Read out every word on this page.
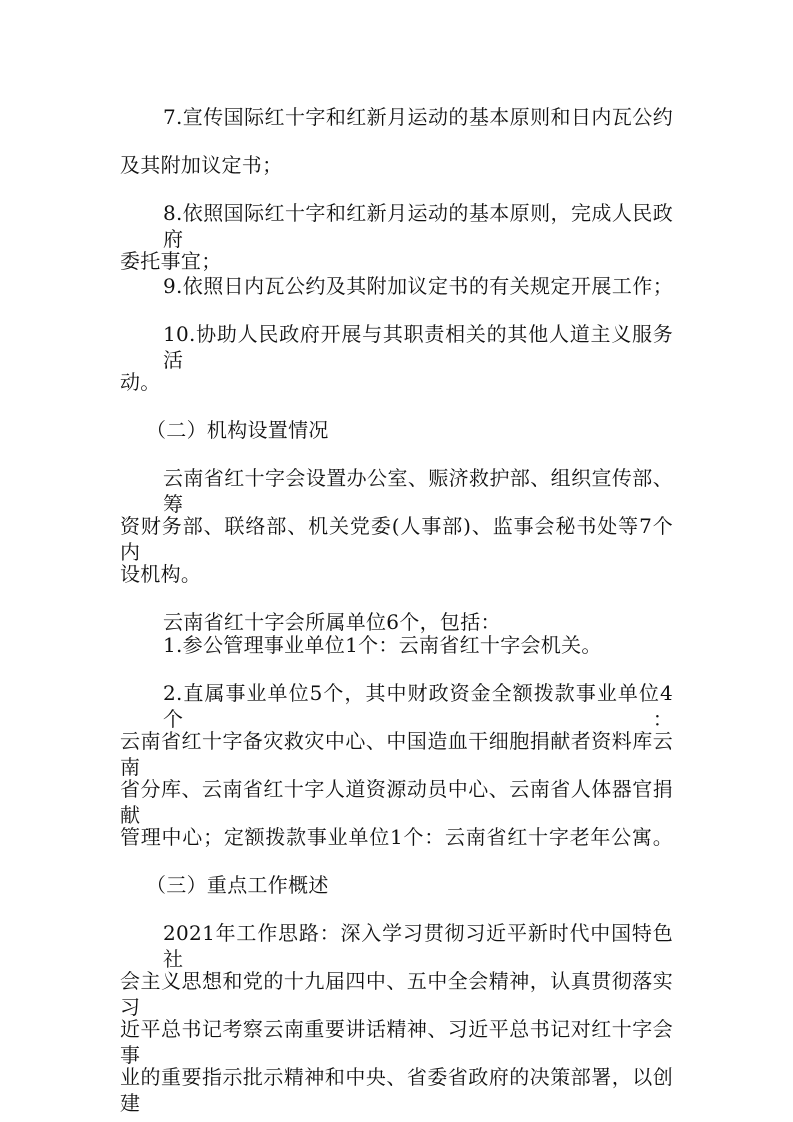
7.宣传国际红十字和红新月运动的基本原则和日内瓦公约
及其附加议定书；
8.依照国际红十字和红新月运动的基本原则，完成人民政府
委托事宜；
9.依照日内瓦公约及其附加议定书的有关规定开展工作；
10.协助人民政府开展与其职责相关的其他人道主义服务活
动。
（二）机构设置情况
云南省红十字会设置办公室、赈济救护部、组织宣传部、筹
资财务部、联络部、机关党委(人事部)、监事会秘书处等7个内
设机构。
云南省红十字会所属单位6个，包括：
1.参公管理事业单位1个：云南省红十字会机关。
2.直属事业单位5个，其中财政资金全额拨款事业单位4个：
云南省红十字备灾救灾中心、中国造血干细胞捐献者资料库云南
省分库、云南省红十字人道资源动员中心、云南省人体器官捐献
管理中心；定额拨款事业单位1个：云南省红十字老年公寓。
（三）重点工作概述
2021年工作思路：深入学习贯彻习近平新时代中国特色社
会主义思想和党的十九届四中、五中全会精神，认真贯彻落实习
近平总书记考察云南重要讲话精神、习近平总书记对红十字会事
业的重要指示批示精神和中央、省委省政府的决策部署，以创建
